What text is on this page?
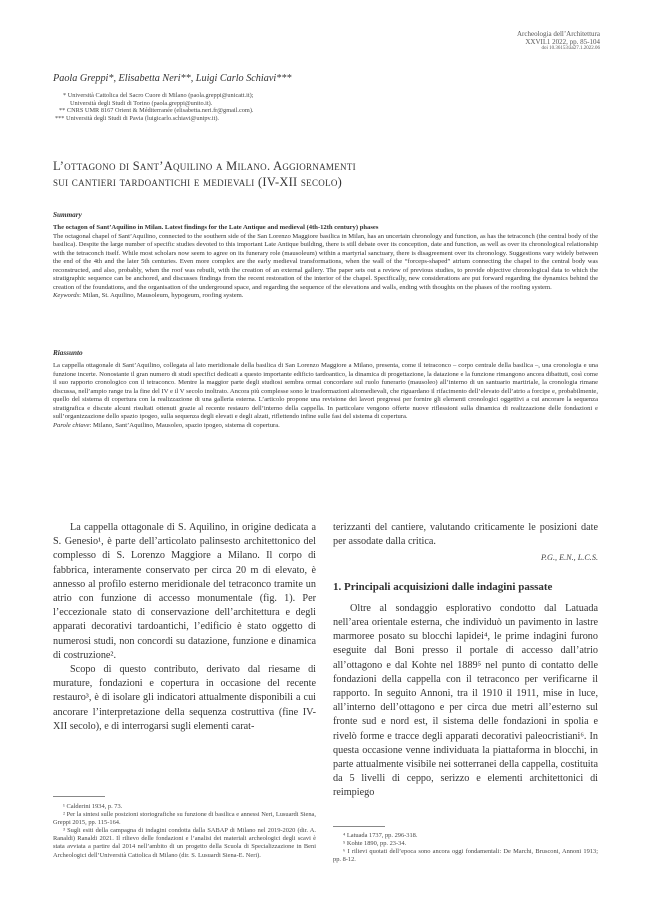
Archeologia dell’Architettura
XXVII.1 2022, pp. 85-104
doi 10.36153/aa27.1.2022.06
Paola Greppi*, Elisabetta Neri**, Luigi Carlo Schiavi***
* Università Cattolica del Sacro Cuore di Milano (paola.greppi@unicatt.it);
Università degli Studi di Torino (paola.greppi@unito.it).
** CNRS UMR 8167 Orient & Méditerranée (elisabetta.neri.fr@gmail.com).
*** Università degli Studi di Pavia (luigicarlo.schiavi@unipv.it).
L’ottagono di Sant’Aquilino a Milano. Aggiornamenti
sui cantieri tardoantichi e medievali (IV-XII secolo)
Summary

The octagon of Sant’Aquilino in Milan. Latest findings for the Late Antique and medieval (4th-12th century) phases

The octagonal chapel of Sant’Aquilino, connected to the southern side of the San Lorenzo Maggiore basilica in Milan, has an uncertain chronology and function, as has the tetraconch (the central body of the basilica). Despite the large number of specific studies devoted to this important Late Antique building, there is still debate over its conception, date and function, as well as over its chronological relationship with the tetraconch itself. While most scholars now seem to agree on its funerary role (mausoleum) within a martyrial sanctuary, there is disagreement over its chronology. Suggestions vary widely between the end of the 4th and the later 5th centuries. Even more complex are the early medieval transformations, when the wall of the “forceps-shaped” atrium connecting the chapel to the central body was reconstructed, and also, probably, when the roof was rebuilt, with the creation of an external gallery. The paper sets out a review of previous studies, to provide objective chronological data to which the stratigraphic sequence can be anchored, and discusses findings from the recent restoration of the interior of the chapel. Specifically, new considerations are put forward regarding the dynamics behind the creation of the foundations, and the organisation of the underground space, and regarding the sequence of the elevations and walls, ending with thoughts on the phases of the roofing system.

Keywords: Milan, St. Aquilino, Mausoleum, hypogeum, roofing system.

Riassunto

La cappella ottagonale di Sant’Aquilino, collegata al lato meridionale della basilica di San Lorenzo Maggiore a Milano, presenta, come il tetraconco – corpo centrale della basilica –, una cronologia e una funzione incerte. Nonostante il gran numero di studi specifici dedicati a questo importante edificio tardoantico, la dinamica di progettazione, la datazione e la funzione rimangono ancora dibattuti, così come il suo rapporto cronologico con il tetraconco. Mentre la maggior parte degli studiosi sembra ormai concordare sul ruolo funerario (mausoleo) all’interno di un santuario martiriale, la cronologia rimane discussa, nell’ampio range tra la fine del IV e il V secolo inoltrato. Ancora più complesse sono le trasformazioni altomedievali, che riguardano il rifacimento dell’elevato dell’atrio a forcipe e, probabilmente, quello del sistema di copertura con la realizzazione di una galleria esterna. L’articolo propone una revisione dei lavori pregressi per fornire gli elementi cronologici oggettivi a cui ancorare la sequenza stratigrafica e discute alcuni risultati ottenuti grazie al recente restauro dell’interno della cappella. In particolare vengono offerte nuove riflessioni sulla dinamica di realizzazione delle fondazioni e sull’organizzazione dello spazio ipogeo, sulla sequenza degli elevati e degli alzati, riflettendo infine sulle fasi del sistema di copertura.

Parole chiave: Milano, Sant’Aquilino, Mausoleo, spazio ipogeo, sistema di copertura.

La cappella ottagonale di S. Aquilino, in origine dedicata a S. Genesio¹, è parte dell’articolato palinsesto architettonico del complesso di S. Lorenzo Maggiore a Milano. Il corpo di fabbrica, interamente conservato per circa 20 m di elevato, è annesso al profilo esterno meridionale del tetraconco tramite un atrio con funzione di accesso monumentale (fig. 1). Per l’eccezionale stato di conservazione dell’architettura e degli apparati decorativi tardoantichi, l’edificio è stato oggetto di numerosi studi, non concordi su datazione, funzione e dinamica di costruzione².

Scopo di questo contributo, derivato dal riesame di murature, fondazioni e copertura in occasione del recente restauro³, è di isolare gli indicatori attualmente disponibili a cui ancorare l’interpretazione della sequenza costruttiva (fine IV-XII secolo), e di interrogarsi sugli elementi carat-

¹ Calderini 1934, p. 73.

² Per la sintesi sulle posizioni storiografiche su funzione di basilica e annessi Neri, Lusuardi Siena, Greppi 2015, pp. 115-164.

³ Sugli esiti della campagna di indagini condotta dalla SABAP di Milano nel 2019-2020 (dir. A. Ranaldi) Ranaldi 2021. Il rilievo delle fondazioni e l’analisi dei materiali archeologici degli scavi è stata avviata a partire dal 2014 nell’ambito di un progetto della Scuola di Specializzazione in Beni Archeologici dell’Università Cattolica di Milano (dir. S. Lusuardi Siena-E. Neri).

terizzanti del cantiere, valutando criticamente le posizioni date per assodate dalla critica.

P.G., E.N., L.C.S.
1. Principali acquisizioni dalle indagini passate

Oltre al sondaggio esplorativo condotto dal Latuada nell’area orientale esterna, che individuò un pavimento in lastre marmoree posato su blocchi lapidei⁴, le prime indagini furono eseguite dal Boni presso il portale di accesso dall’atrio all’ottagono e dal Kohte nel 1889⁵ nel punto di contatto delle fondazioni della cappella con il tetraconco per verificarne il rapporto. In seguito Annoni, tra il 1910 il 1911, mise in luce, all’interno dell’ottagono e per circa due metri all’esterno sul fronte sud e nord est, il sistema delle fondazioni in spolia e rivelò forme e tracce degli apparati decorativi paleocristiani⁶. In questa occasione venne individuata la piattaforma in blocchi, in parte attualmente visibile nei sotterranei della cappella, costituita da 5 livelli di ceppo, serizzo e elementi architettonici di reimpiego

⁴ Latuada 1737, pp. 296-318.

⁵ Kohte 1890, pp. 23-34.

⁶ I rilievi quotati dell’epoca sono ancora oggi fondamentali: De Marchi, Brusconi, Annoni 1913; pp. 8-12.
